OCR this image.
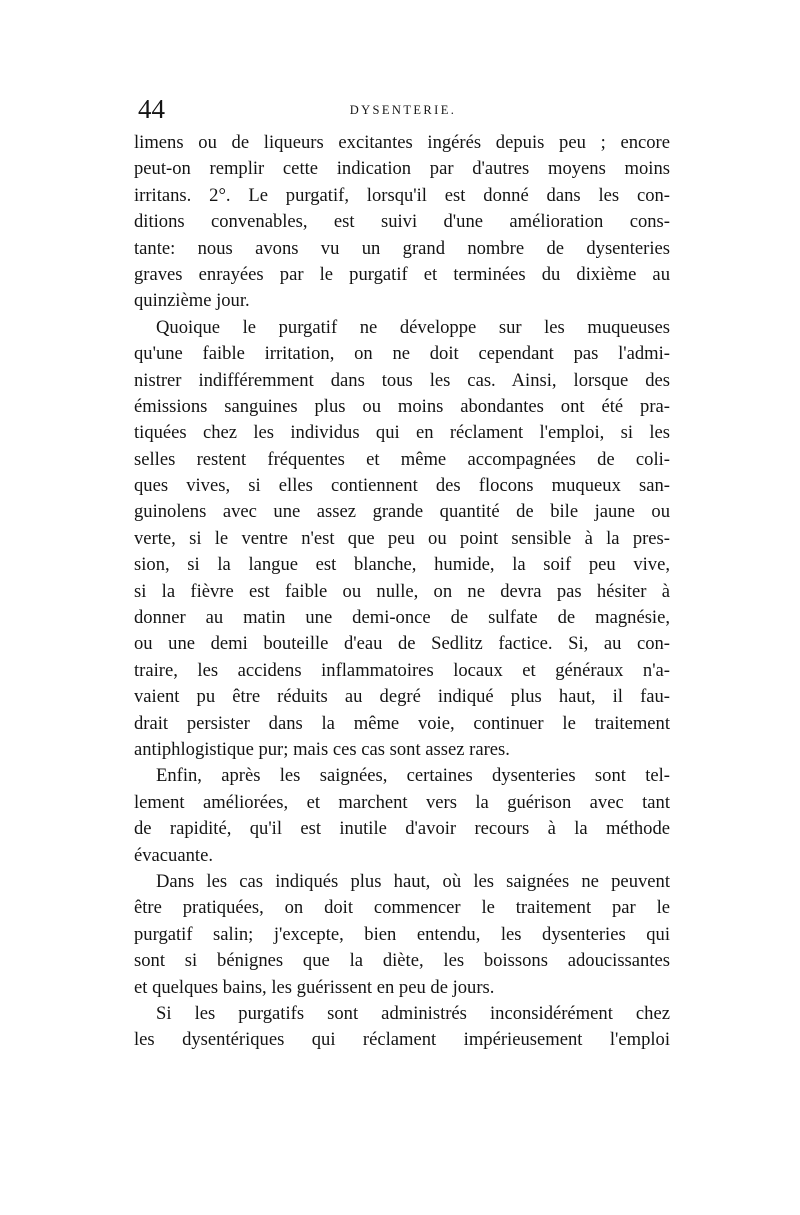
44	DYSENTERIE.
limens ou de liqueurs excitantes ingérés depuis peu ; encore
peut-on remplir cette indication par d'autres moyens moins
irritans. 2°. Le purgatif, lorsqu'il est donné dans les con-
ditions convenables, est suivi d'une amélioration cons-
tante: nous avons vu un grand nombre de dysenteries
graves enrayées par le purgatif et terminées du dixième au
quinzième jour.
Quoique le purgatif ne développe sur les muqueuses
qu'une faible irritation, on ne doit cependant pas l'admi-
nistrer indifféremment dans tous les cas. Ainsi, lorsque des
émissions sanguines plus ou moins abondantes ont été pra-
tiquées chez les individus qui en réclament l'emploi, si les
selles restent fréquentes et même accompagnées de coli-
ques vives, si elles contiennent des flocons muqueux san-
guinolens avec une assez grande quantité de bile jaune ou
verte, si le ventre n'est que peu ou point sensible à la pres-
sion, si la langue est blanche, humide, la soif peu vive,
si la fièvre est faible ou nulle, on ne devra pas hésiter à
donner au matin une demi-once de sulfate de magnésie,
ou une demi bouteille d'eau de Sedlitz factice. Si, au con-
traire, les accidens inflammatoires locaux et généraux n'a-
vaient pu être réduits au degré indiqué plus haut, il fau-
drait persister dans la même voie, continuer le traitement
antiphlogistique pur; mais ces cas sont assez rares.
Enfin, après les saignées, certaines dysenteries sont tel-
lement améliorées, et marchent vers la guérison avec tant
de rapidité, qu'il est inutile d'avoir recours à la méthode
évacuante.
Dans les cas indiqués plus haut, où les saignées ne peuvent
être pratiquées, on doit commencer le traitement par le
purgatif salin; j'excepte, bien entendu, les dysenteries qui
sont si bénignes que la diète, les boissons adoucissantes
et quelques bains, les guérissent en peu de jours.
Si les purgatifs sont administrés inconsidérément chez
les dysentériques qui réclament impérieusement l'emploi
